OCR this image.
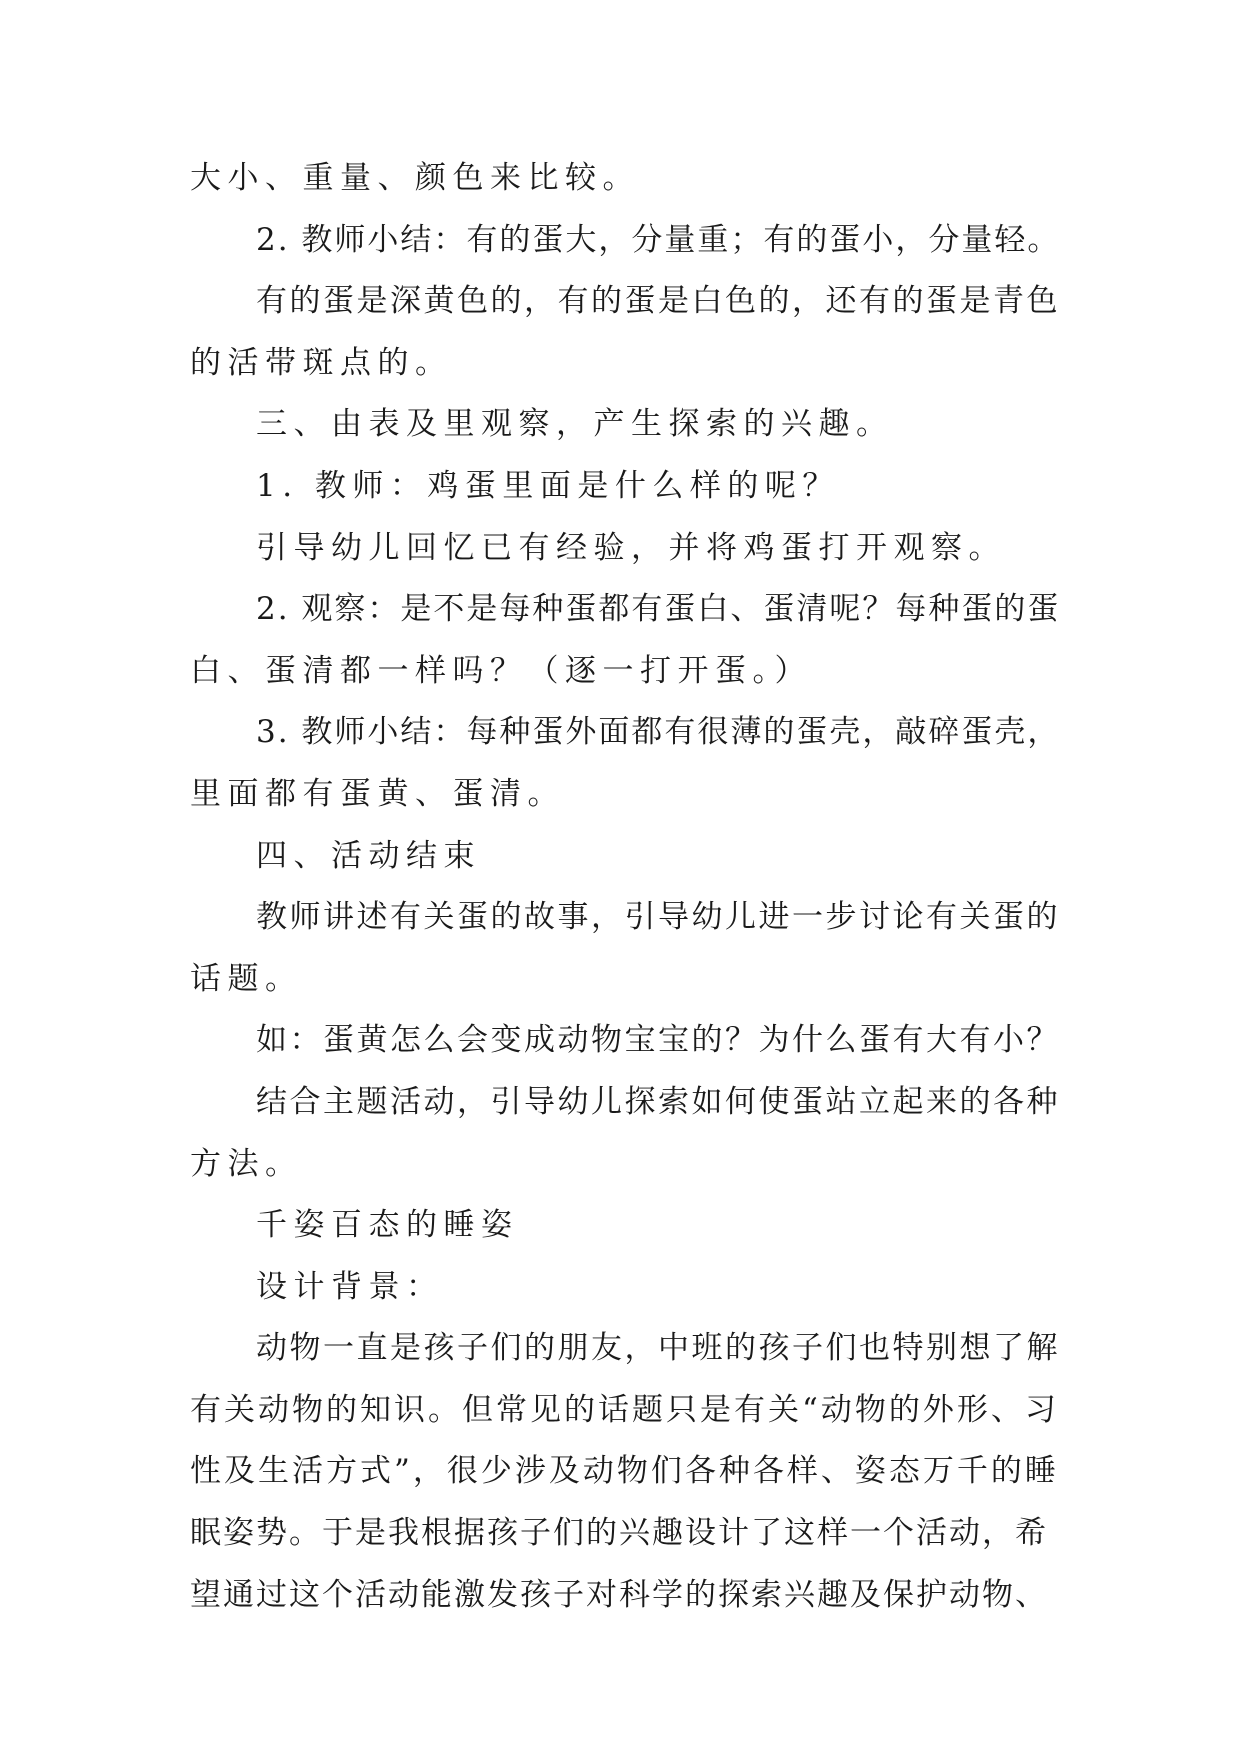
大小、重量、颜色来比较。
2. 教师小结：有的蛋大，分量重；有的蛋小，分量轻。
有的蛋是深黄色的，有的蛋是白色的，还有的蛋是青色
的活带斑点的。
三、由表及里观察，产生探索的兴趣。
1. 教师：鸡蛋里面是什么样的呢？
引导幼儿回忆已有经验，并将鸡蛋打开观察。
2. 观察：是不是每种蛋都有蛋白、蛋清呢？每种蛋的蛋
白、蛋清都一样吗？（逐一打开蛋。）
3. 教师小结：每种蛋外面都有很薄的蛋壳，敲碎蛋壳，
里面都有蛋黄、蛋清。
四、活动结束
教师讲述有关蛋的故事，引导幼儿进一步讨论有关蛋的
话题。
如：蛋黄怎么会变成动物宝宝的？为什么蛋有大有小？
结合主题活动，引导幼儿探索如何使蛋站立起来的各种
方法。
千姿百态的睡姿
设计背景：
动物一直是孩子们的朋友，中班的孩子们也特别想了解
有关动物的知识。但常见的话题只是有关“动物的外形、习
性及生活方式”，很少涉及动物们各种各样、姿态万千的睡
眠姿势。于是我根据孩子们的兴趣设计了这样一个活动，希
望通过这个活动能激发孩子对科学的探索兴趣及保护动物、
